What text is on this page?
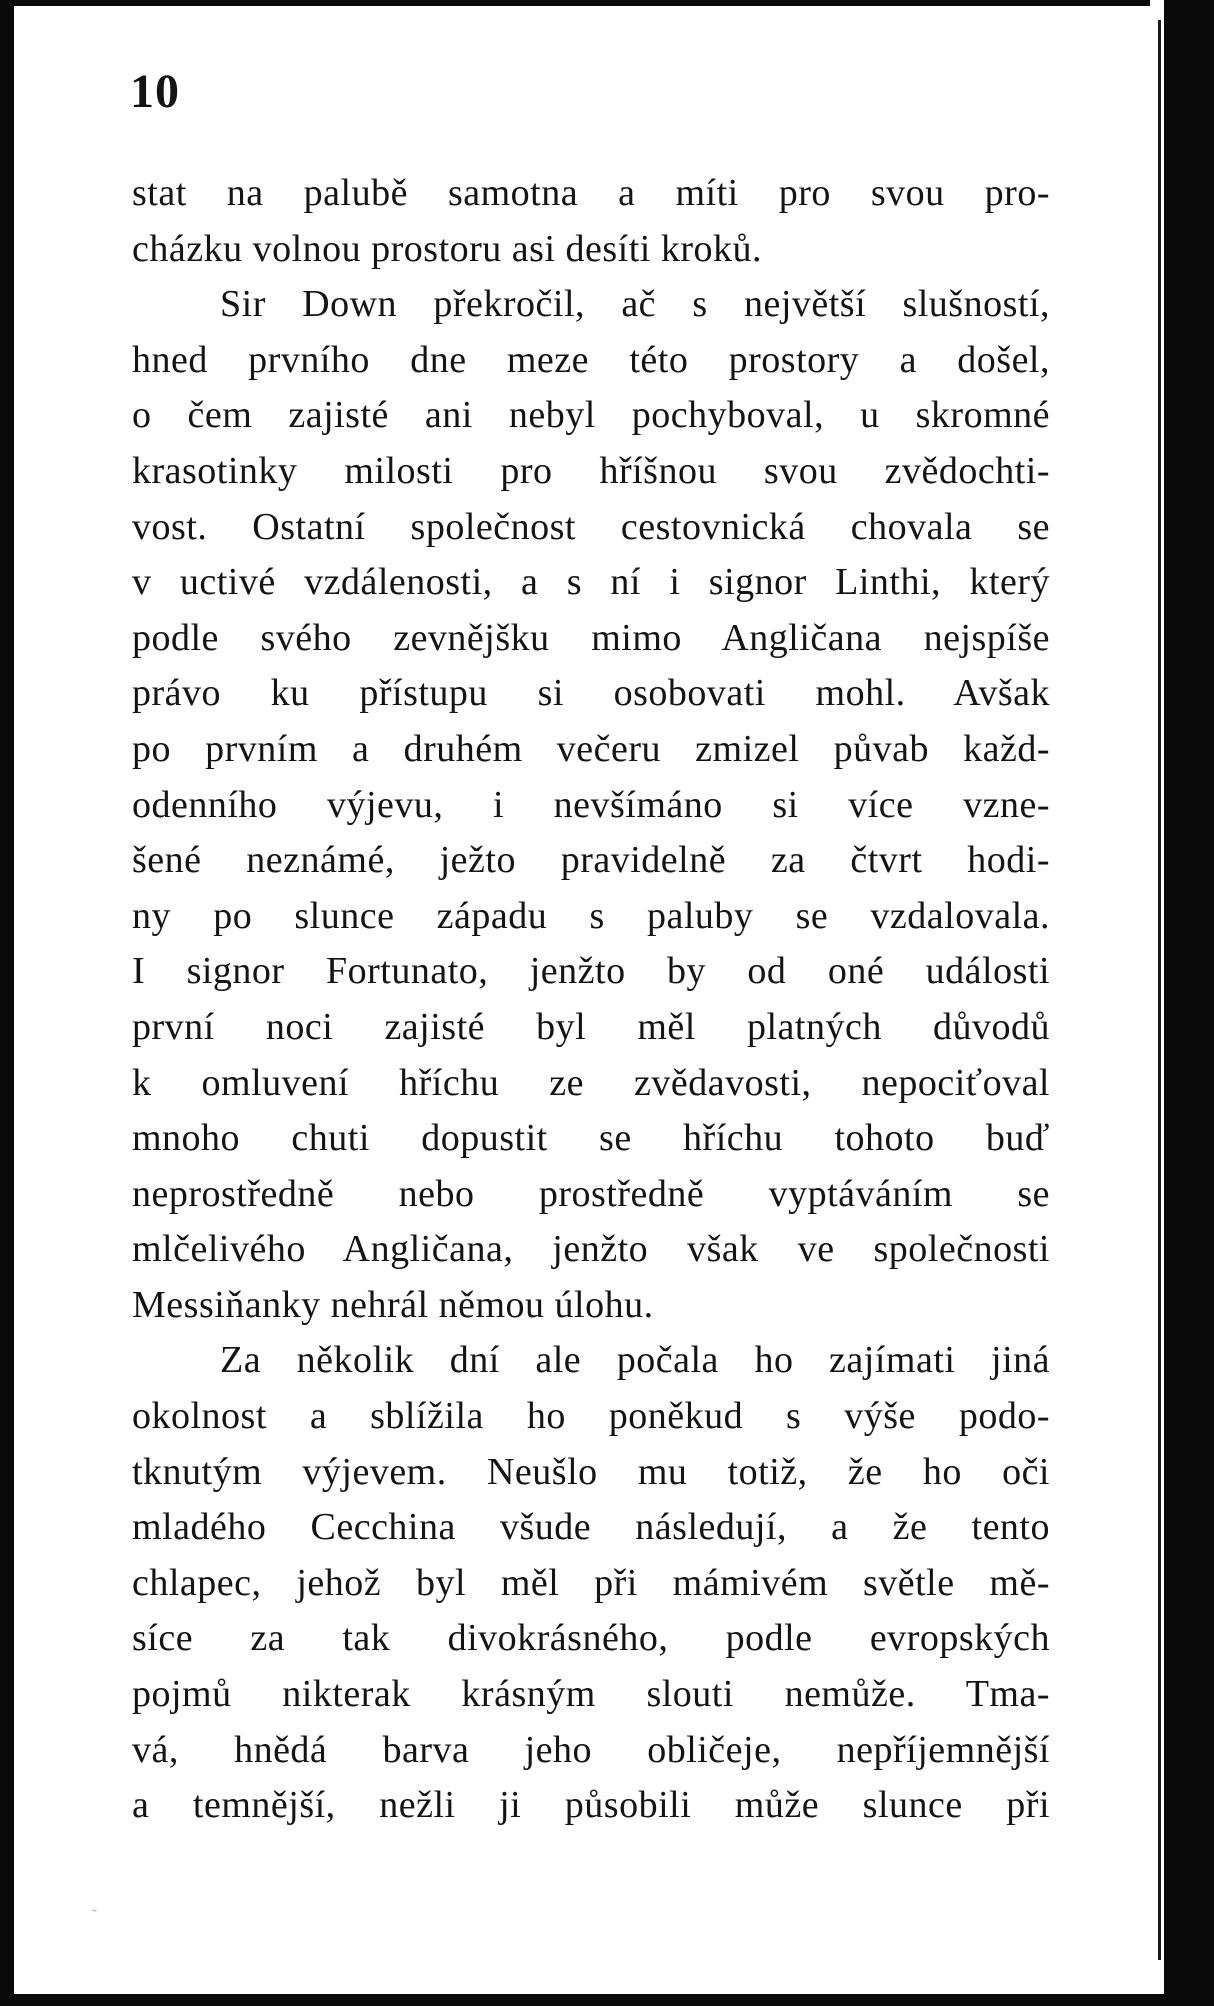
10
stat na palubě samotna a míti pro svou pro-
cházku volnou prostoru asi desíti kroků.
Sir Down překročil, ač s největší slušností,
hned prvního dne meze této prostory a došel,
o čem zajisté ani nebyl pochyboval, u skromné
krasotinky milosti pro hříšnou svou zvědochti-
vost. Ostatní společnost cestovnická chovala se
v uctivé vzdálenosti, a s ní i signor Linthi, který
podle svého zevnějšku mimo Angličana nejspíše
právo ku přístupu si osobovati mohl. Avšak
po prvním a druhém večeru zmizel půvab každ-
odenního výjevu, i nevšímáno si více vzne-
šené neznámé, ježto pravidelně za čtvrt hodi-
ny po slunce západu s paluby se vzdalovala.
I signor Fortunato, jenžto by od oné události
první noci zajisté byl měl platných důvodů
k omluvení hříchu ze zvědavosti, nepociťoval
mnoho chuti dopustit se hříchu tohoto buď
neprostředně nebo prostředně vyptáváním se
mlčelivého Angličana, jenžto však ve společnosti
Messiňanky nehrál němou úlohu.
Za několik dní ale počala ho zajímati jiná
okolnost a sblížila ho poněkud s výše podo-
tknutým výjevem. Neušlo mu totiž, že ho oči
mladého Cecchina všude následují, a že tento
chlapec, jehož byl měl při mámivém světle mě-
síce za tak divokrásného, podle evropských
pojmů nikterak krásným slouti nemůže. Tma-
vá, hnědá barva jeho obličeje, nepříjemnější
a temnější, nežli ji působili může slunce při
˜
